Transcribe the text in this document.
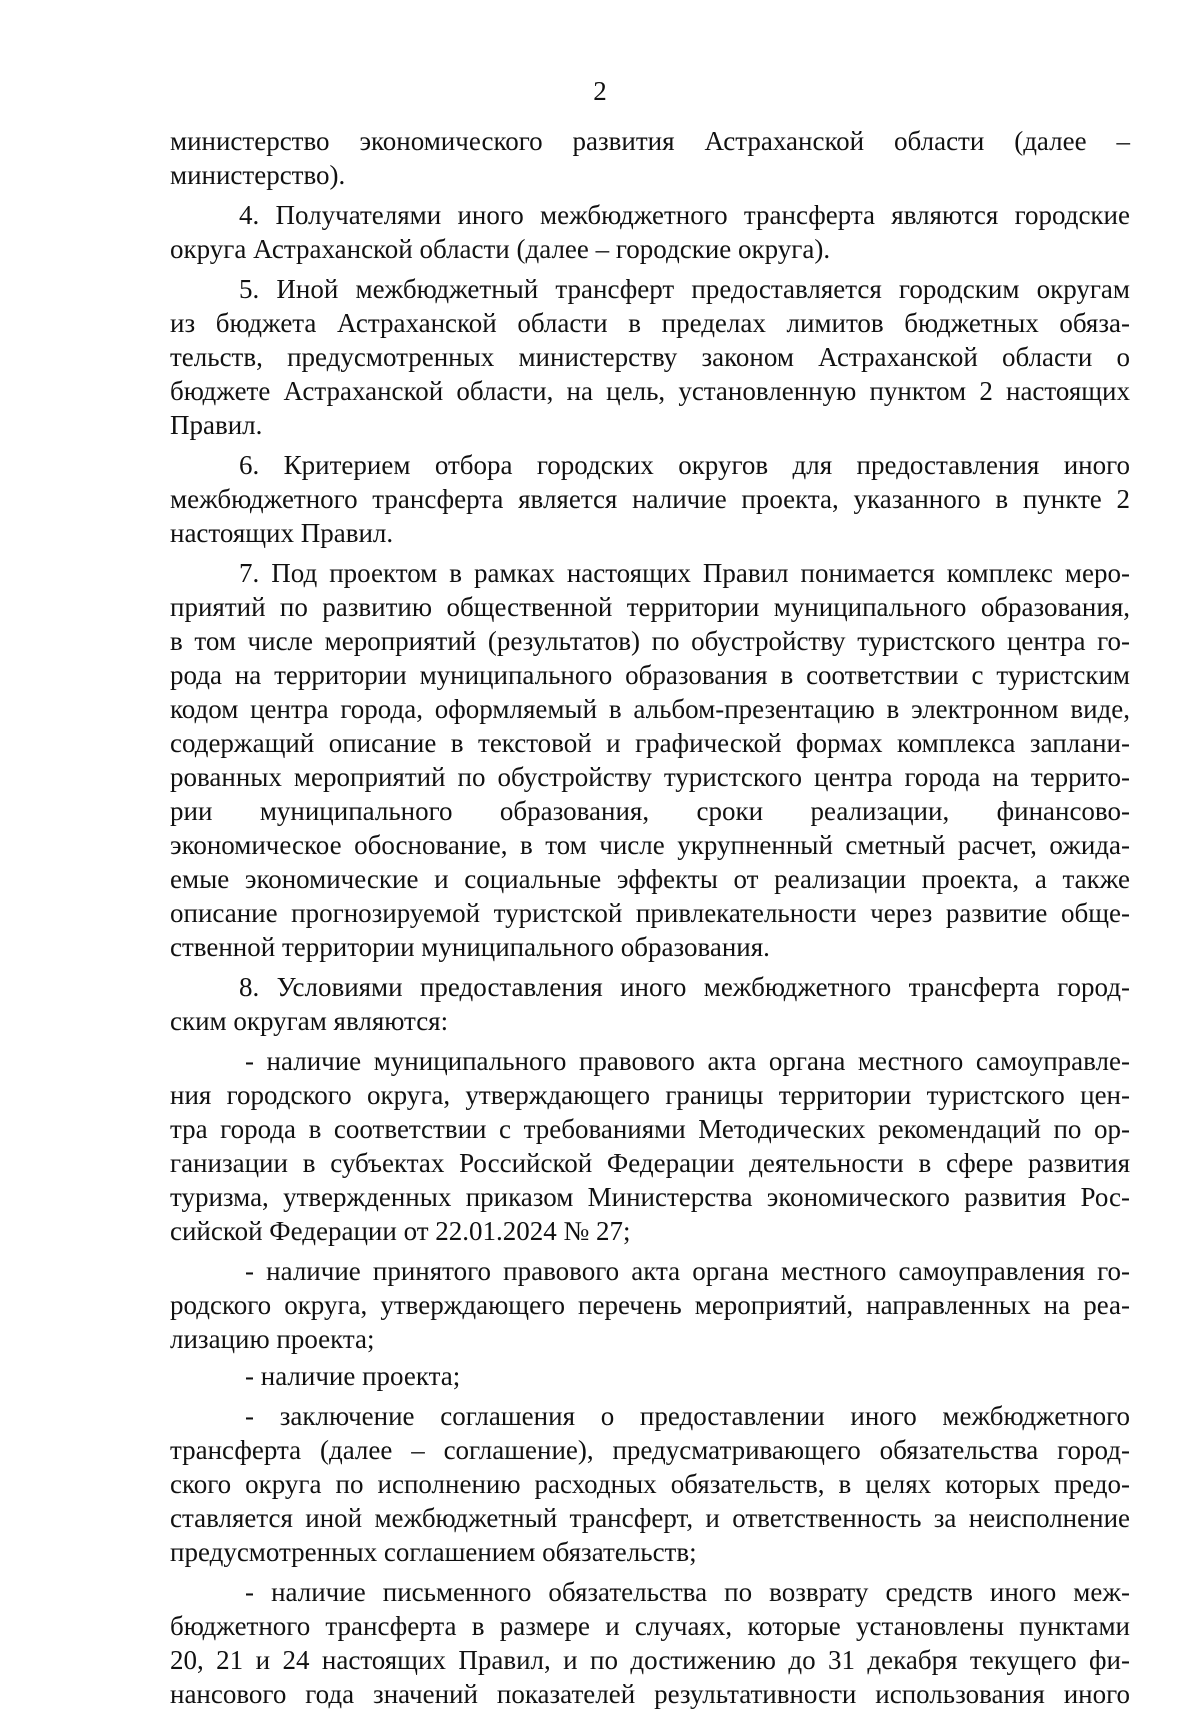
2
министерство экономического развития Астраханской области (далее –
министерство).
4. Получателями иного межбюджетного трансферта являются городские
округа Астраханской области (далее – городские округа).
5. Иной межбюджетный трансферт предоставляется городским округам
из бюджета Астраханской области в пределах лимитов бюджетных обяза-
тельств, предусмотренных министерству законом Астраханской области о
бюджете Астраханской области, на цель, установленную пунктом 2 настоящих
Правил.
6. Критерием отбора городских округов для предоставления иного
межбюджетного трансферта является наличие проекта, указанного в пункте 2
настоящих Правил.
7. Под проектом в рамках настоящих Правил понимается комплекс меро-
приятий по развитию общественной территории муниципального образования,
в том числе мероприятий (результатов) по обустройству туристского центра го-
рода на территории муниципального образования в соответствии с туристским
кодом центра города, оформляемый в альбом-презентацию в электронном виде,
содержащий описание в текстовой и графической формах комплекса заплани-
рованных мероприятий по обустройству туристского центра города на террито-
рии муниципального образования, сроки реализации, финансово-
экономическое обоснование, в том числе укрупненный сметный расчет, ожида-
емые экономические и социальные эффекты от реализации проекта, а также
описание прогнозируемой туристской привлекательности через развитие обще-
ственной территории муниципального образования.
8. Условиями предоставления иного межбюджетного трансферта город-
ским округам являются:
- наличие муниципального правового акта органа местного самоуправле-
ния городского округа, утверждающего границы территории туристского цен-
тра города в соответствии с требованиями Методических рекомендаций по ор-
ганизации в субъектах Российской Федерации деятельности в сфере развития
туризма, утвержденных приказом Министерства экономического развития Рос-
сийской Федерации от 22.01.2024 № 27;
- наличие принятого правового акта органа местного самоуправления го-
родского округа, утверждающего перечень мероприятий, направленных на реа-
лизацию проекта;
- наличие проекта;
- заключение соглашения о предоставлении иного межбюджетного
трансферта (далее – соглашение), предусматривающего обязательства город-
ского округа по исполнению расходных обязательств, в целях которых предо-
ставляется иной межбюджетный трансферт, и ответственность за неисполнение
предусмотренных соглашением обязательств;
- наличие письменного обязательства по возврату средств иного меж-
бюджетного трансферта в размере и случаях, которые установлены пунктами
20, 21 и 24 настоящих Правил, и по достижению до 31 декабря текущего фи-
нансового года значений показателей результативности использования иного
